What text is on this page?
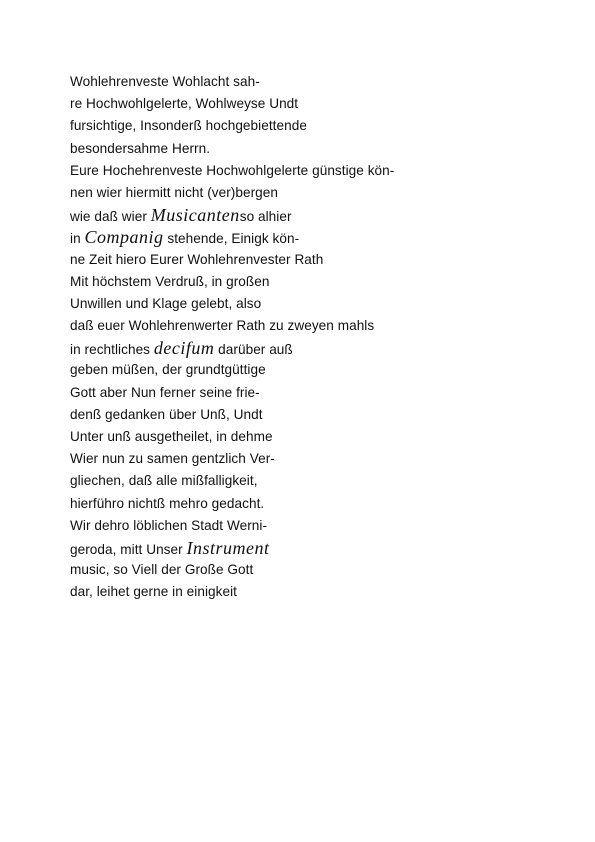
Wohlehrenveste Wohlacht sah-
re Hochwohlgelerte, Wohlweyse Undt
fursichtige, Insonderß hochgebiettende
besondersahme Herrn.
Eure Hochehrenveste Hochwohlgelerte günstige kön-
nen wier hiermitt nicht (ver)bergen
wie daß wier Musicantenso alhier
in Companig stehende, Einigk kön-
ne Zeit hiero Eurer Wohlehrenvester Rath
Mit höchstem Verdruß, in großen
Unwillen und Klage gelebt, also
daß euer Wohlehrenwerter Rath zu zweyen mahls
in rechtliches decifum darüber auß
geben müßen, der grundtgüttige
Gott aber Nun ferner seine frie-
denß gedanken über Unß, Undt
Unter unß ausgetheilet, in dehme
Wier nun zu samen gentzlich Ver-
gliechen, daß alle mißfalligkeit,
hierführo nichtß mehro gedacht.
Wir dehro löblichen Stadt Werni-
geroda, mitt Unser Instrument
music, so Viell der Große Gott
dar, leihet gerne in einigkeit
